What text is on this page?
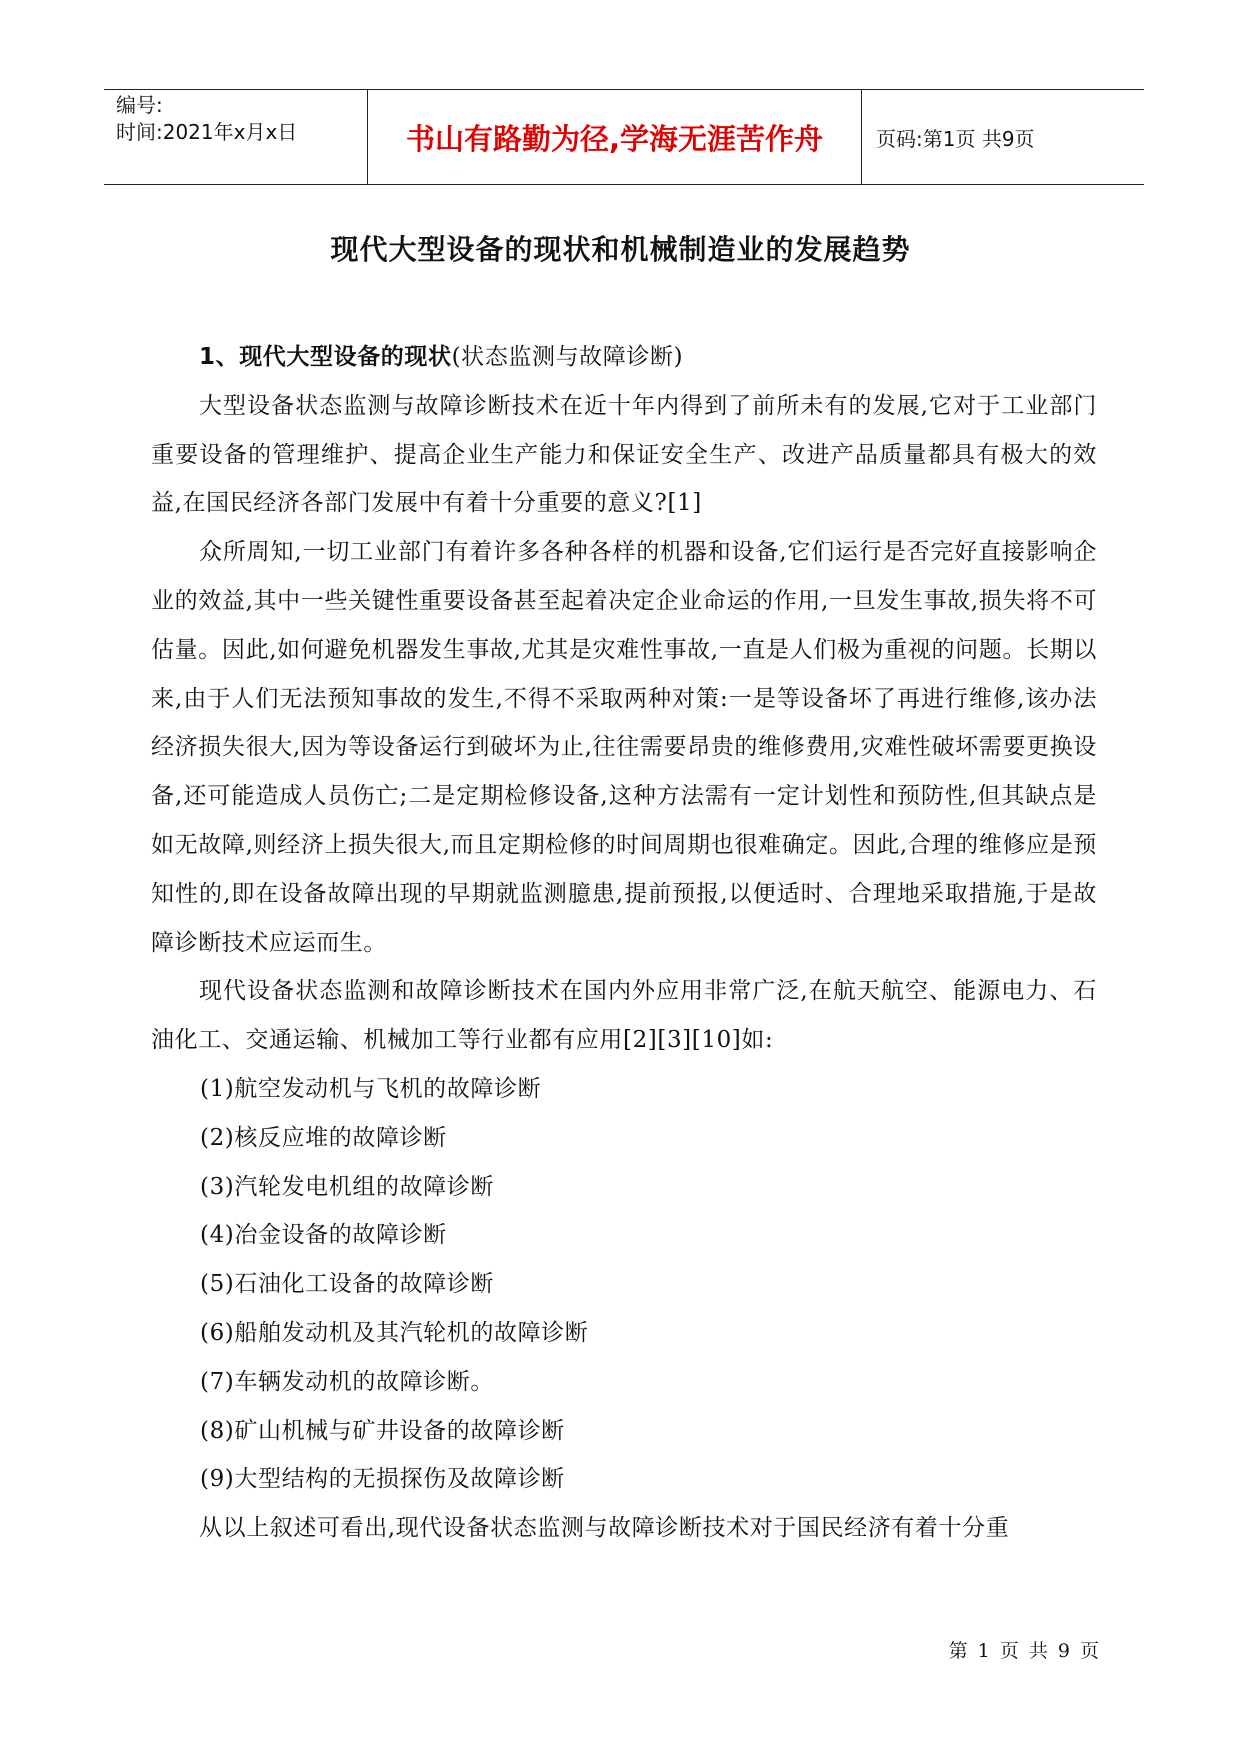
编号:
时间:2021年x月x日	书山有路勤为径,学海无涯苦作舟	页码:第1页 共9页
现代大型设备的现状和机械制造业的发展趋势

1、现代大型设备的现状(状态监测与故障诊断)

大型设备状态监测与故障诊断技术在近十年内得到了前所未有的发展,它对于工业部门重要设备的管理维护、提高企业生产能力和保证安全生产、改进产品质量都具有极大的效益,在国民经济各部门发展中有着十分重要的意义?[1]

众所周知,一切工业部门有着许多各种各样的机器和设备,它们运行是否完好直接影响企业的效益,其中一些关键性重要设备甚至起着决定企业命运的作用,一旦发生事故,损失将不可估量。因此,如何避免机器发生事故,尤其是灾难性事故,一直是人们极为重视的问题。长期以来,由于人们无法预知事故的发生,不得不采取两种对策:一是等设备坏了再进行维修,该办法经济损失很大,因为等设备运行到破坏为止,往往需要昂贵的维修费用,灾难性破坏需要更换设备,还可能造成人员伤亡;二是定期检修设备,这种方法需有一定计划性和预防性,但其缺点是如无故障,则经济上损失很大,而且定期检修的时间周期也很难确定。因此,合理的维修应是预知性的,即在设备故障出现的早期就监测臆患,提前预报,以便适时、合理地采取措施,于是故障诊断技术应运而生。

现代设备状态监测和故障诊断技术在国内外应用非常广泛,在航天航空、能源电力、石油化工、交通运输、机械加工等行业都有应用[2][3][10]如:

(1)航空发动机与飞机的故障诊断

(2)核反应堆的故障诊断

(3)汽轮发电机组的故障诊断

(4)冶金设备的故障诊断

(5)石油化工设备的故障诊断

(6)船舶发动机及其汽轮机的故障诊断

(7)车辆发动机的故障诊断。

(8)矿山机械与矿井设备的故障诊断

(9)大型结构的无损探伤及故障诊断

从以上叙述可看出,现代设备状态监测与故障诊断技术对于国民经济有着十分重

第 1 页 共 9 页
